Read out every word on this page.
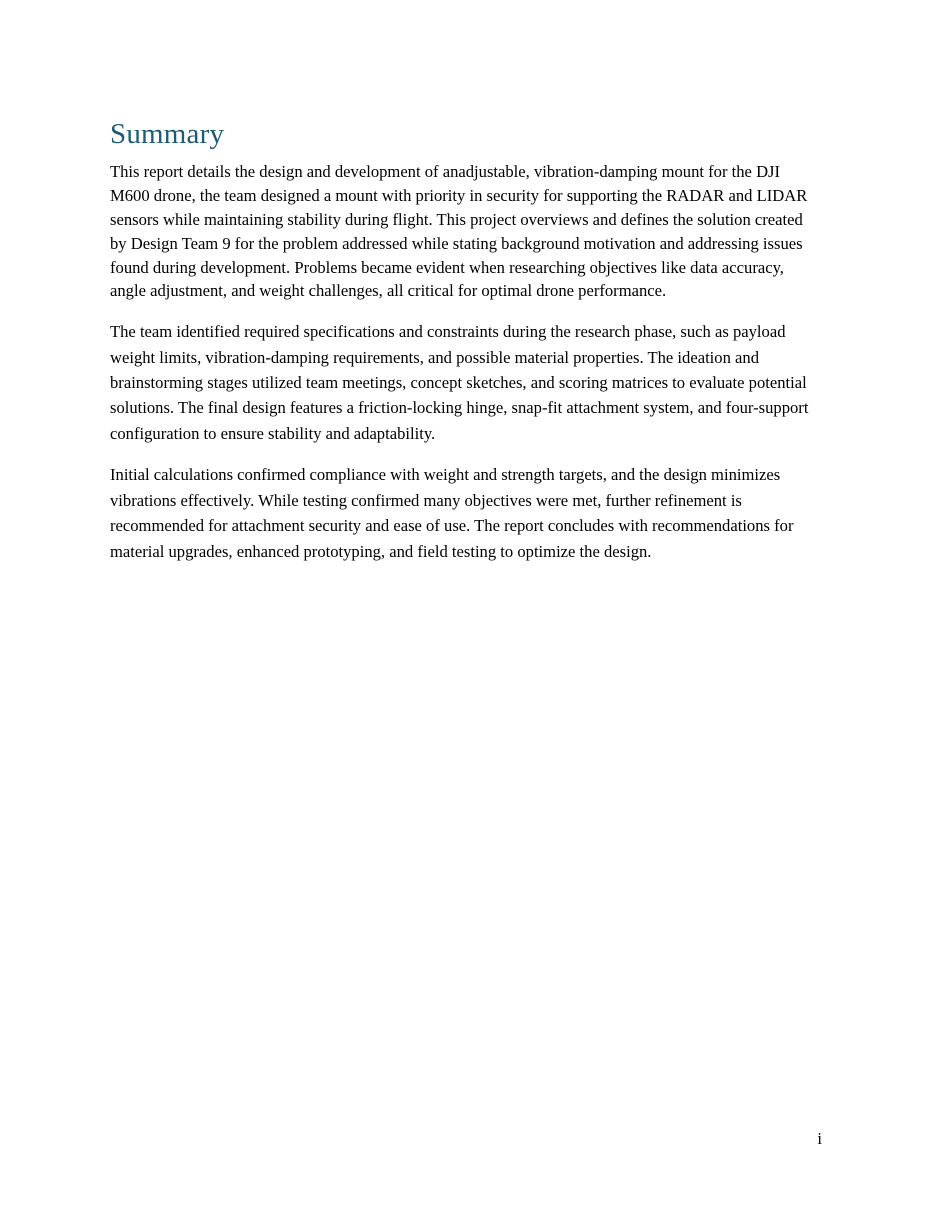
Summary

This report details the design and development of anadjustable, vibration-damping mount for the DJI M600 drone, the team designed a mount with priority in security for supporting the RADAR and LIDAR sensors while maintaining stability during flight. This project overviews and defines the solution created by Design Team 9 for the problem addressed while stating background motivation and addressing issues found during development. Problems became evident when researching objectives like data accuracy, angle adjustment, and weight challenges, all critical for optimal drone performance.

The team identified required specifications and constraints during the research phase, such as payload weight limits, vibration-damping requirements, and possible material properties. The ideation and brainstorming stages utilized team meetings, concept sketches, and scoring matrices to evaluate potential solutions. The final design features a friction-locking hinge, snap-fit attachment system, and four-support configuration to ensure stability and adaptability.

Initial calculations confirmed compliance with weight and strength targets, and the design minimizes vibrations effectively. While testing confirmed many objectives were met, further refinement is recommended for attachment security and ease of use. The report concludes with recommendations for material upgrades, enhanced prototyping, and field testing to optimize the design.

i
